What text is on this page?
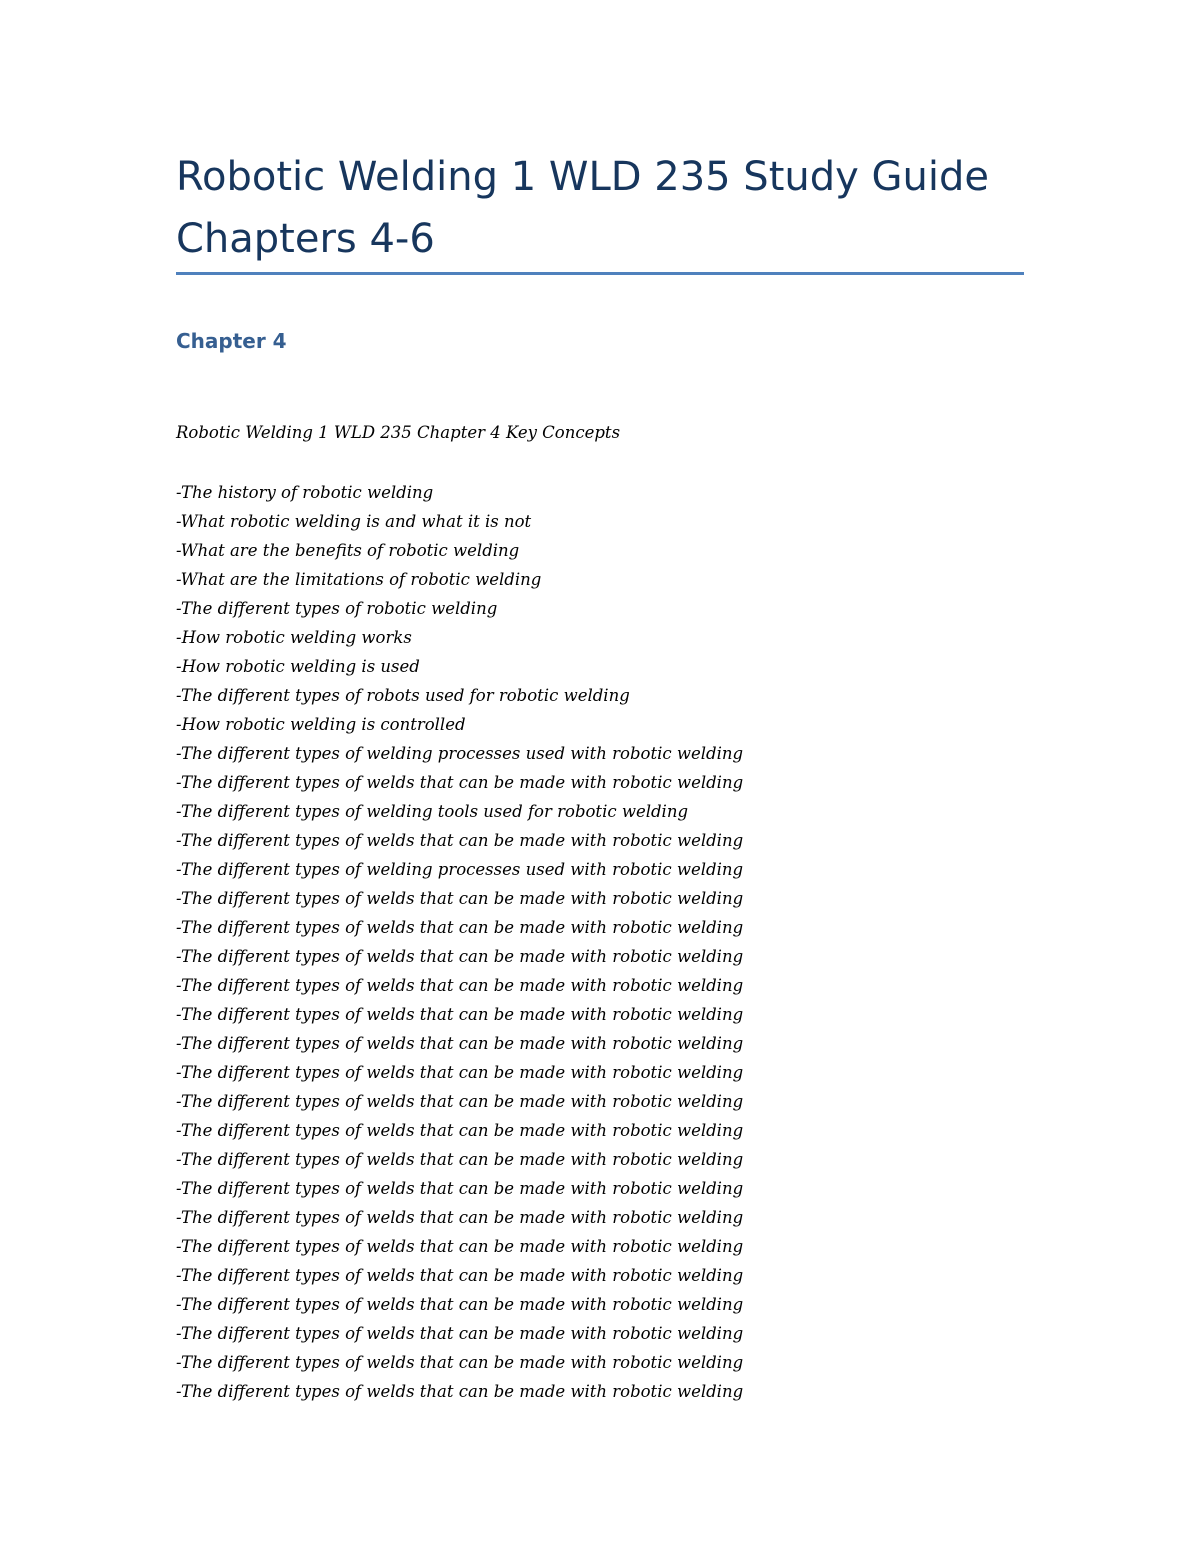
Robotic Welding 1 WLD 235 Study Guide Chapters 4-6
Chapter 4

Robotic Welding 1 WLD 235 Chapter 4 Key Concepts

-The history of robotic welding
-What robotic welding is and what it is not
-What are the benefits of robotic welding
-What are the limitations of robotic welding
-The different types of robotic welding
-How robotic welding works
-How robotic welding is used
-The different types of robots used for robotic welding
-How robotic welding is controlled
-The different types of welding processes used with robotic welding
-The different types of welds that can be made with robotic welding
-The different types of welding tools used for robotic welding
-The different types of welds that can be made with robotic welding
-The different types of welding processes used with robotic welding
-The different types of welds that can be made with robotic welding
-The different types of welds that can be made with robotic welding
-The different types of welds that can be made with robotic welding
-The different types of welds that can be made with robotic welding
-The different types of welds that can be made with robotic welding
-The different types of welds that can be made with robotic welding
-The different types of welds that can be made with robotic welding
-The different types of welds that can be made with robotic welding
-The different types of welds that can be made with robotic welding
-The different types of welds that can be made with robotic welding
-The different types of welds that can be made with robotic welding
-The different types of welds that can be made with robotic welding
-The different types of welds that can be made with robotic welding
-The different types of welds that can be made with robotic welding
-The different types of welds that can be made with robotic welding
-The different types of welds that can be made with robotic welding
-The different types of welds that can be made with robotic welding
-The different types of welds that can be made with robotic welding
